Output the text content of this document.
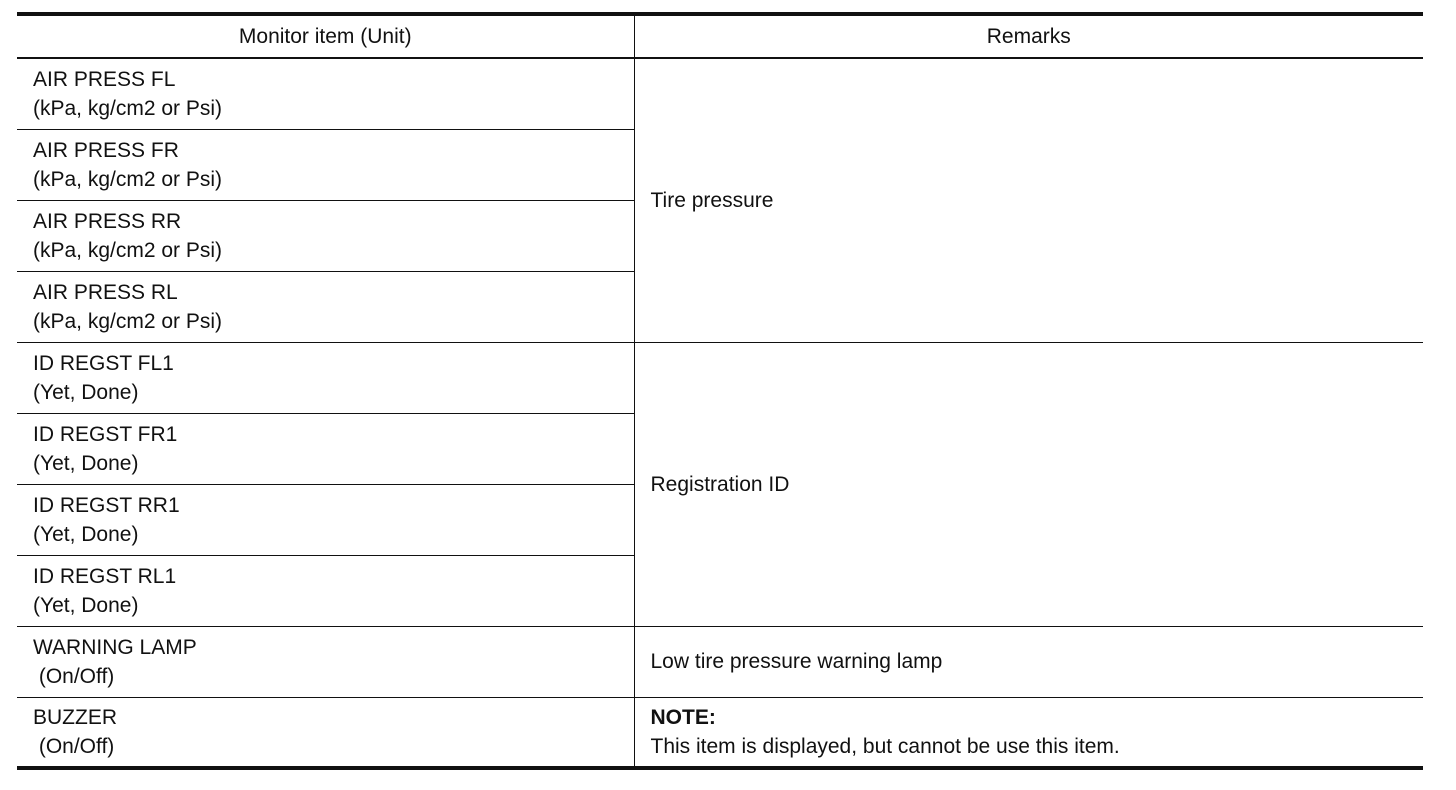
Monitor item (Unit)	Remarks

AIR PRESS FL
(kPa, kg/cm2 or Psi)	Tire pressure

AIR PRESS FR
(kPa, kg/cm2 or Psi)	

AIR PRESS RR
(kPa, kg/cm2 or Psi)	

AIR PRESS RL
(kPa, kg/cm2 or Psi)	

ID REGST FL1
(Yet, Done)	Registration ID

ID REGST FR1
(Yet, Done)	

ID REGST RR1
(Yet, Done)	

ID REGST RL1
(Yet, Done)	

WARNING LAMP
(On/Off)	Low tire pressure warning lamp

BUZZER
(On/Off)	NOTE:
This item is displayed, but cannot be use this item.
